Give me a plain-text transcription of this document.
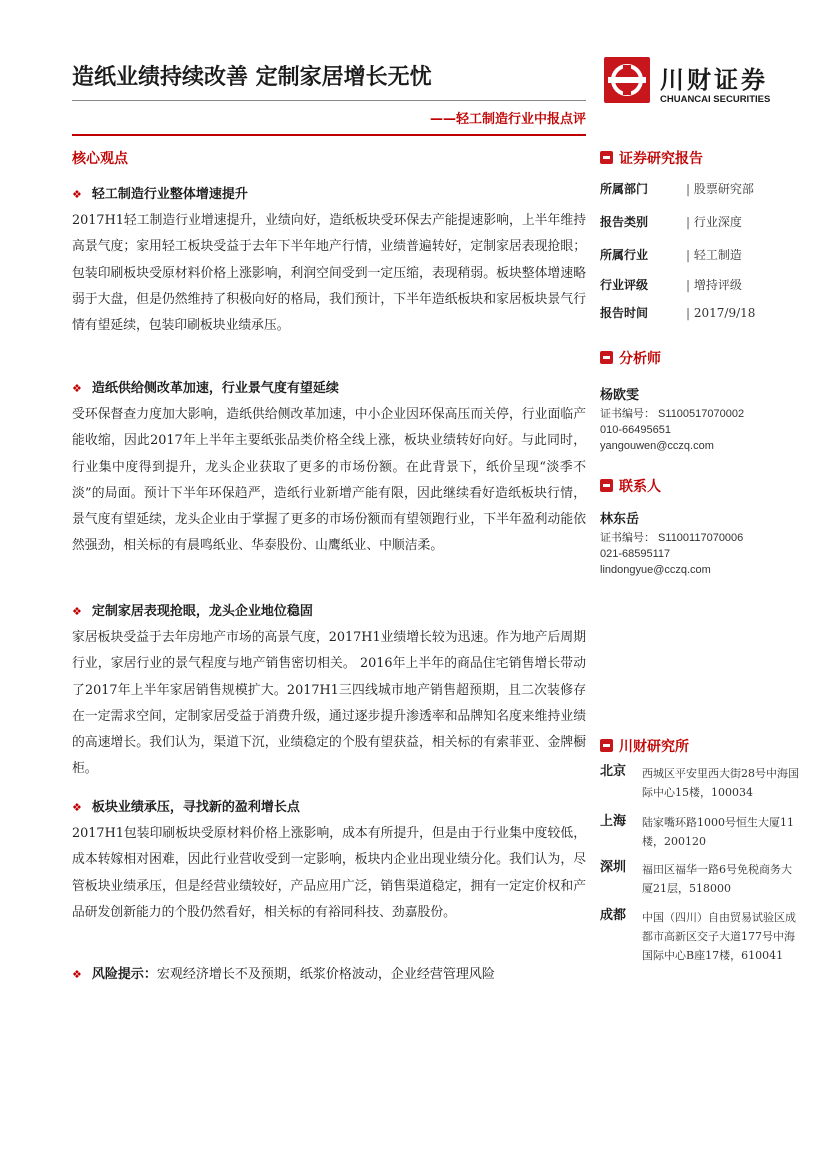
造纸业绩持续改善 定制家居增长无忧
——轻工制造行业中报点评
川财证券
CHUANCAI SECURITIES
核心观点
❖ 轻工制造行业整体增速提升
2017H1轻工制造行业增速提升，业绩向好，造纸板块受环保去产能提速影响，上半年维持高景气度；家用轻工板块受益于去年下半年地产行情，业绩普遍转好，定制家居表现抢眼；包装印刷板块受原材料价格上涨影响，利润空间受到一定压缩，表现稍弱。板块整体增速略弱于大盘，但是仍然维持了积极向好的格局，我们预计，下半年造纸板块和家居板块景气行情有望延续，包装印刷板块业绩承压。
❖ 造纸供给侧改革加速，行业景气度有望延续
受环保督查力度加大影响，造纸供给侧改革加速，中小企业因环保高压而关停，行业面临产能收缩，因此2017年上半年主要纸张品类价格全线上涨，板块业绩转好向好。与此同时，行业集中度得到提升，龙头企业获取了更多的市场份额。在此背景下，纸价呈现“淡季不淡”的局面。预计下半年环保趋严，造纸行业新增产能有限，因此继续看好造纸板块行情，景气度有望延续，龙头企业由于掌握了更多的市场份额而有望领跑行业，下半年盈利动能依然强劲，相关标的有晨鸣纸业、华泰股份、山鹰纸业、中顺洁柔。
❖ 定制家居表现抢眼，龙头企业地位稳固
家居板块受益于去年房地产市场的高景气度，2017H1业绩增长较为迅速。作为地产后周期行业，家居行业的景气程度与地产销售密切相关。 2016年上半年的商品住宅销售增长带动了2017年上半年家居销售规模扩大。2017H1三四线城市地产销售超预期，且二次装修存在一定需求空间，定制家居受益于消费升级，通过逐步提升渗透率和品牌知名度来维持业绩的高速增长。我们认为，渠道下沉，业绩稳定的个股有望获益，相关标的有索菲亚、金牌橱柜。
❖ 板块业绩承压，寻找新的盈利增长点
2017H1包装印刷板块受原材料价格上涨影响，成本有所提升，但是由于行业集中度较低，成本转嫁相对困难，因此行业营收受到一定影响，板块内企业出现业绩分化。我们认为，尽管板块业绩承压，但是经营业绩较好，产品应用广泛，销售渠道稳定，拥有一定定价权和产品研发创新能力的个股仍然看好，相关标的有裕同科技、劲嘉股份。
❖ 风险提示：宏观经济增长不及预期，纸浆价格波动，企业经营管理风险
证券研究报告
所属部门	| 股票研究部
报告类别	| 行业深度
所属行业	| 轻工制造
行业评级	| 增持评级
报告时间	| 2017/9/18
分析师
杨欧雯
证书编号： S1100517070002
010-66495651
yangouwen@cczq.com
联系人
林东岳
证书编号： S1100117070006
021-68595117
lindongyue@cczq.com
川财研究所
北京 西城区平安里西大街28号中海国际中心15楼，100034
上海 陆家嘴环路1000号恒生大厦11楼，200120
深圳 福田区福华一路6号免税商务大厦21层，518000
成都 中国（四川）自由贸易试验区成都市高新区交子大道177号中海国际中心B座17楼，610041
